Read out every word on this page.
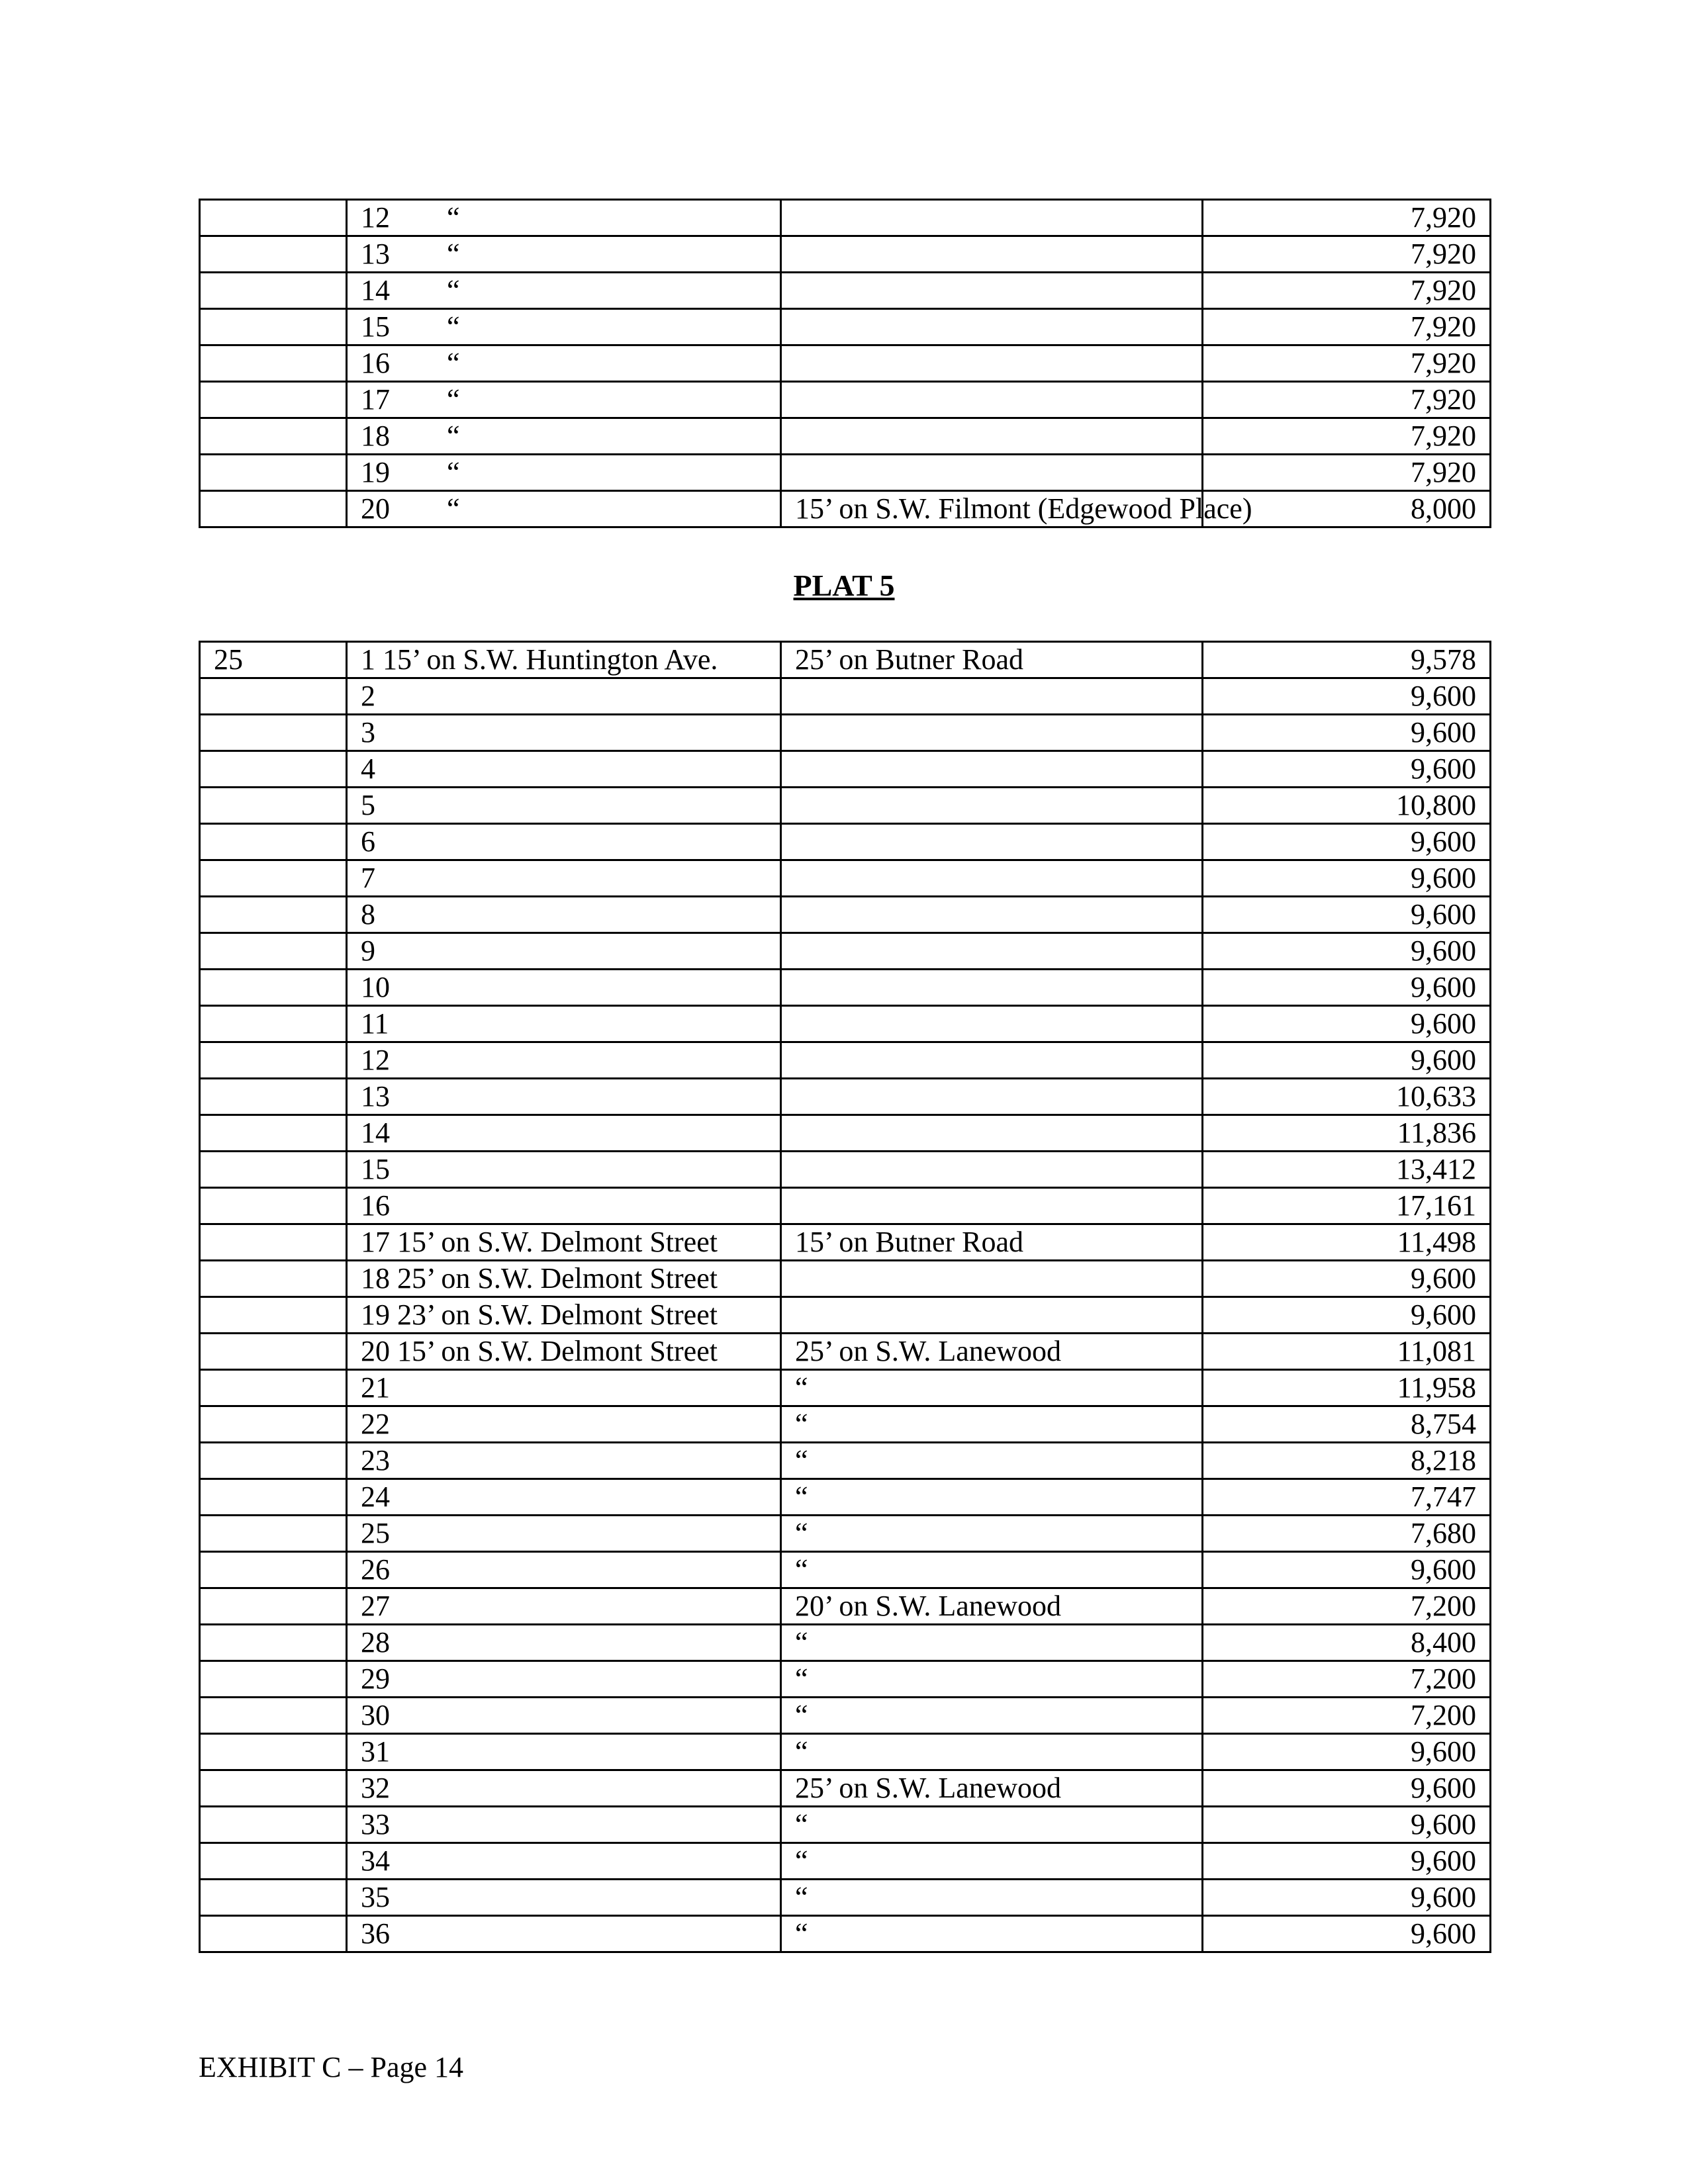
	12 “		7,920
	13 “		7,920
	14 “		7,920
	15 “		7,920
	16 “		7,920
	17 “		7,920
	18 “		7,920
	19 “		7,920
	20 “	15’ on S.W. Filmont (Edgewood Place)	8,000
PLAT 5
25	1 15’ on S.W. Huntington Ave.	25’ on Butner Road	9,578
	2		9,600
	3		9,600
	4		9,600
	5		10,800
	6		9,600
	7		9,600
	8		9,600
	9		9,600
	10		9,600
	11		9,600
	12		9,600
	13		10,633
	14		11,836
	15		13,412
	16		17,161
	17 15’ on S.W. Delmont Street	15’ on Butner Road	11,498
	18 25’ on S.W. Delmont Street		9,600
	19 23’ on S.W. Delmont Street		9,600
	20 15’ on S.W. Delmont Street	25’ on S.W. Lanewood	11,081
	21	“	11,958
	22	“	8,754
	23	“	8,218
	24	“	7,747
	25	“	7,680
	26	“	9,600
	27	20’ on S.W. Lanewood	7,200
	28	“	8,400
	29	“	7,200
	30	“	7,200
	31	“	9,600
	32	25’ on S.W. Lanewood	9,600
	33	“	9,600
	34	“	9,600
	35	“	9,600
	36	“	9,600
EXHIBIT C – Page 14
